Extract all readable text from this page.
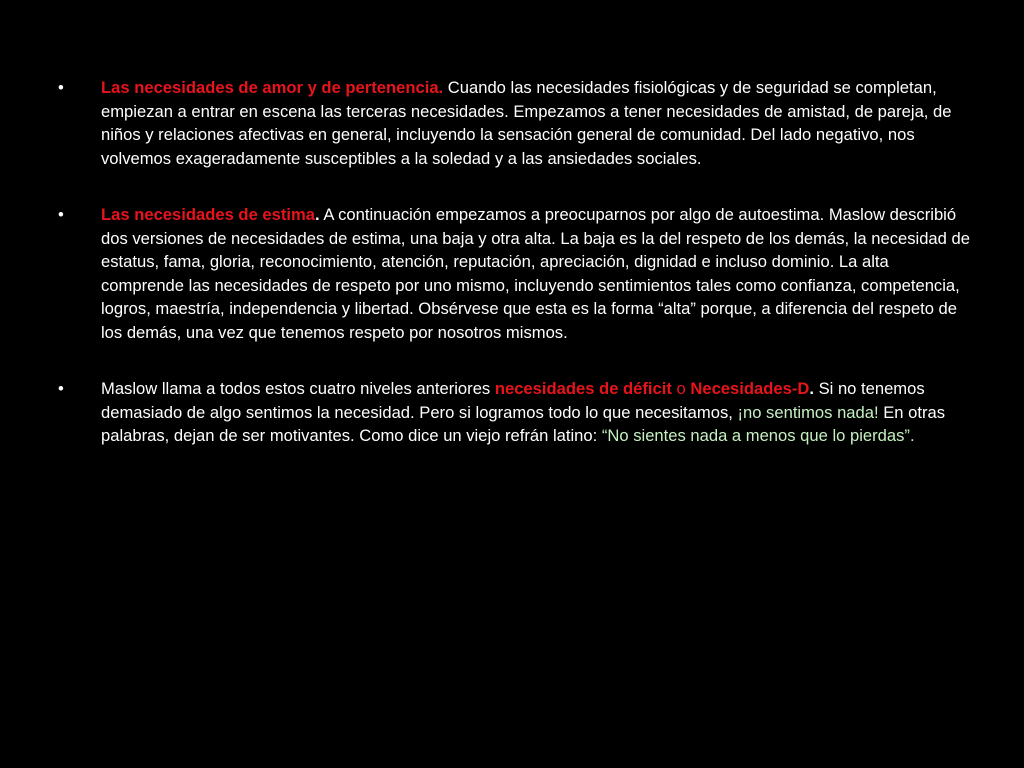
•	Las necesidades de amor y de pertenencia. Cuando las necesidades fisiológicas y de seguridad se completan, empiezan a entrar en escena las terceras necesidades. Empezamos a tener necesidades de amistad, de pareja, de niños y relaciones afectivas en general, incluyendo la sensación general de comunidad. Del lado negativo, nos volvemos exageradamente susceptibles a la soledad y a las ansiedades sociales.
•	Las necesidades de estima. A continuación empezamos a preocuparnos por algo de autoestima. Maslow describió dos versiones de necesidades de estima, una baja y otra alta. La baja es la del respeto de los demás, la necesidad de estatus, fama, gloria, reconocimiento, atención, reputación, apreciación, dignidad e incluso dominio. La alta comprende las necesidades de respeto por uno mismo, incluyendo sentimientos tales como confianza, competencia, logros, maestría, independencia y libertad. Obsérvese que esta es la forma “alta” porque, a diferencia del respeto de los demás, una vez que tenemos respeto por nosotros mismos.
•	Maslow llama a todos estos cuatro niveles anteriores necesidades de déficit o Necesidades-D. Si no tenemos demasiado de algo sentimos la necesidad. Pero si logramos todo lo que necesitamos, ¡no sentimos nada! En otras palabras, dejan de ser motivantes. Como dice un viejo refrán latino: “No sientes nada a menos que lo pierdas”.
